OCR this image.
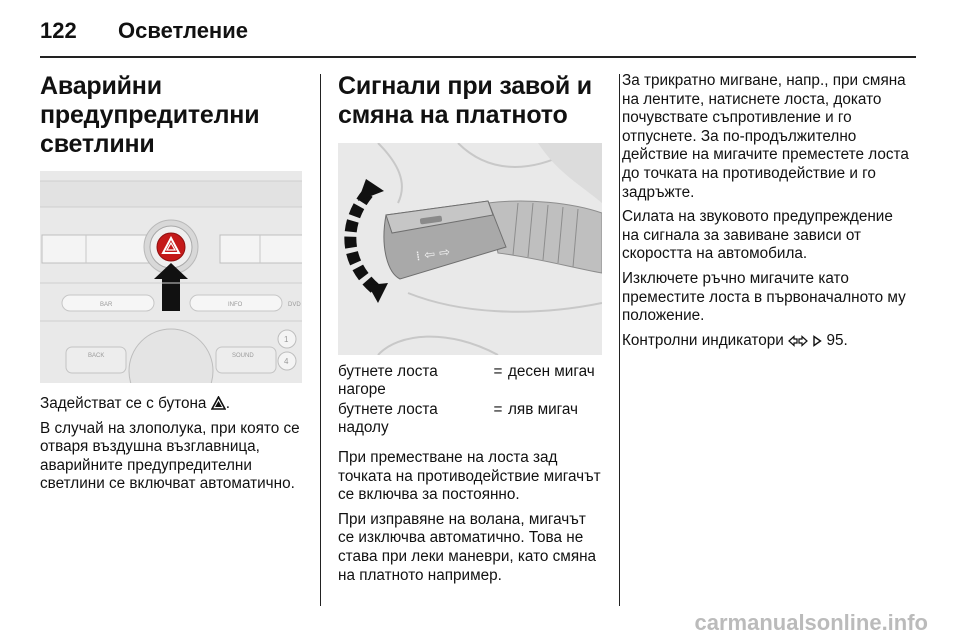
122 Осветление
Аварийни
предупредителни
светлини
BAR	INFO	DVD
BACK	SOUND
1
4

Задействат се с бутона .

В случай на злополука, при която се отваря въздушна възглавница, аварийните предупредителни светлини се включват автоматично.

Сигнали при завой и
смяна на платното
⁞ ⇦ ⇨
бутнете лоста нагоре	=	десен мигач
бутнете лоста надолу	=	ляв мигач

При преместване на лоста зад точката на противодействие мигачът се включва за постоянно.

При изправяне на волана, мигачът се изключва автоматично. Това не става при леки маневри, като смяна на платното например.

За трикратно мигване, напр., при смяна на лентите, натиснете лоста, докато почувствате съпротивление и го отпуснете. За по-продължително действие на мигачите преместете лоста до точката на противодействие и го задръжте.

Силата на звуковото предупреждение на сигнала за завиване зависи от скоростта на автомобила.

Изключете ръчно мигачите като преместите лоста в първоначалното му положение.

Контролни индикатори	95.

carmanualsonline.info
